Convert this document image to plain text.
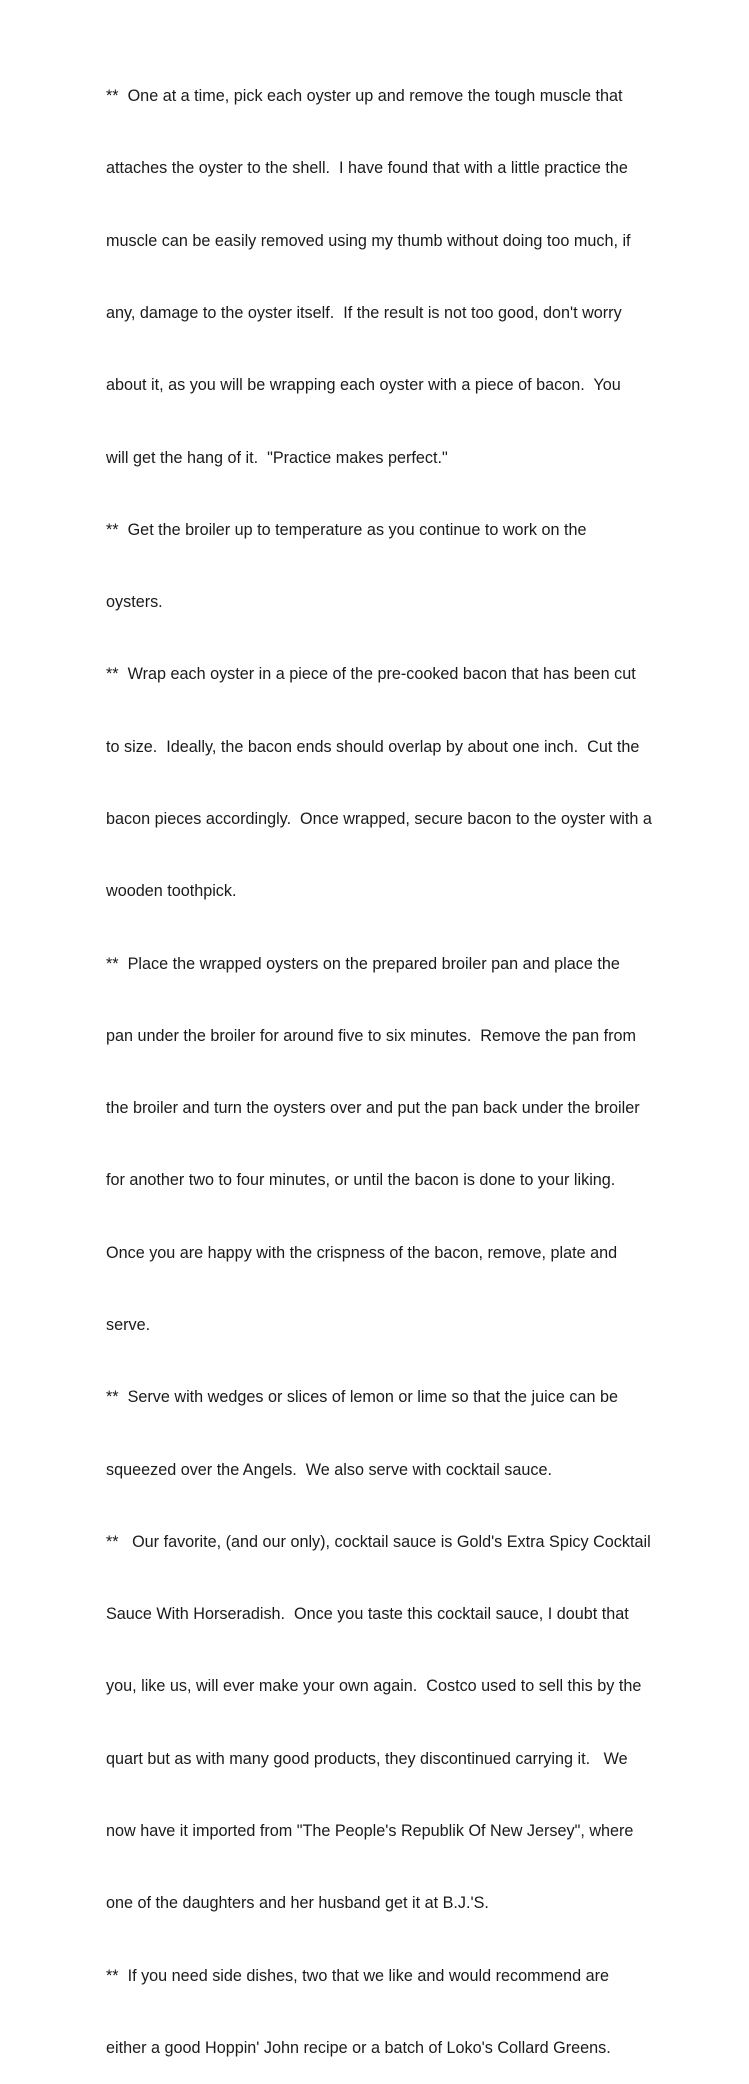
**  One at a time, pick each oyster up and remove the tough muscle that

attaches the oyster to the shell.  I have found that with a little practice the

muscle can be easily removed using my thumb without doing too much, if

any, damage to the oyster itself.  If the result is not too good, don't worry

about it, as you will be wrapping each oyster with a piece of bacon.  You

will get the hang of it.  "Practice makes perfect."

**  Get the broiler up to temperature as you continue to work on the

oysters.

**  Wrap each oyster in a piece of the pre-cooked bacon that has been cut

to size.  Ideally, the bacon ends should overlap by about one inch.  Cut the

bacon pieces accordingly.  Once wrapped, secure bacon to the oyster with a

wooden toothpick.

**  Place the wrapped oysters on the prepared broiler pan and place the

pan under the broiler for around five to six minutes.  Remove the pan from

the broiler and turn the oysters over and put the pan back under the broiler

for another two to four minutes, or until the bacon is done to your liking.

Once you are happy with the crispness of the bacon, remove, plate and

serve.

**  Serve with wedges or slices of lemon or lime so that the juice can be

squeezed over the Angels.  We also serve with cocktail sauce.

**   Our favorite, (and our only), cocktail sauce is Gold's Extra Spicy Cocktail

Sauce With Horseradish.  Once you taste this cocktail sauce, I doubt that

you, like us, will ever make your own again.  Costco used to sell this by the

quart but as with many good products, they discontinued carrying it.   We

now have it imported from "The People's Republik Of New Jersey", where

one of the daughters and her husband get it at B.J.'S.

**  If you need side dishes, two that we like and would recommend are

either a good Hoppin' John recipe or a batch of Loko's Collard Greens.
